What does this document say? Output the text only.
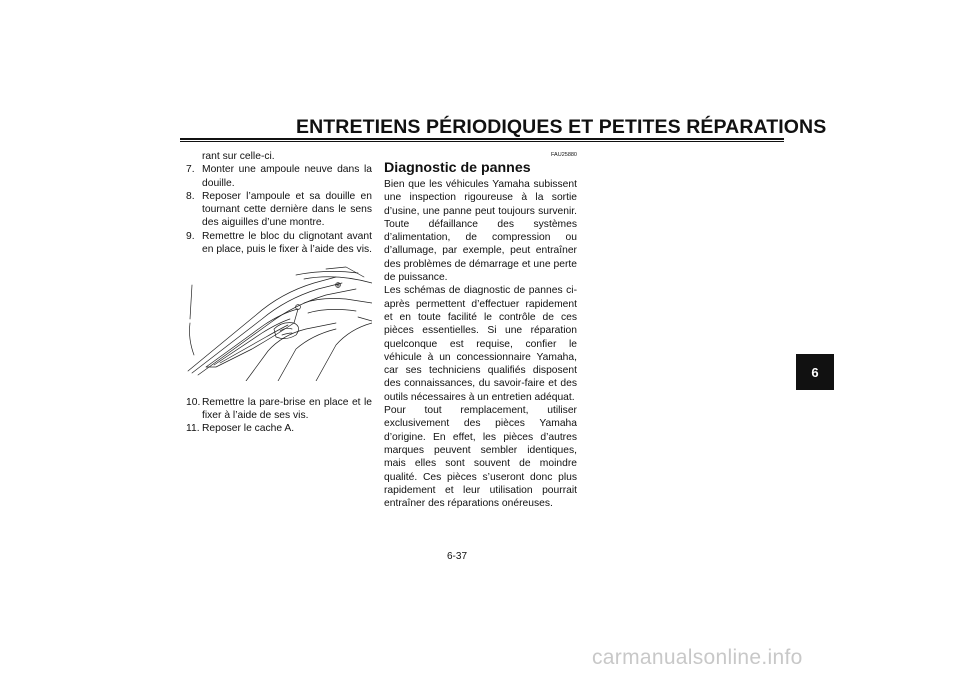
ENTRETIENS PÉRIODIQUES ET PETITES RÉPARATIONS
rant sur celle-ci.
7. Monter une ampoule neuve dans la douille.
8. Reposer l’ampoule et sa douille en tournant cette dernière dans le sens des aiguilles d’une montre.
9. Remettre le bloc du clignotant avant en place, puis le fixer à l’aide des vis.
10. Remettre la pare-brise en place et le fixer à l’aide de ses vis.
11. Reposer le cache A.
FAU25880
Diagnostic de pannes

Bien que les véhicules Yamaha subissent une inspection rigoureuse à la sortie d’usine, une panne peut toujours survenir. Toute défaillance des systèmes d’alimentation, de compression ou d’allumage, par exemple, peut entraîner des problèmes de démarrage et une perte de puissance.

Les schémas de diagnostic de pannes ci-après permettent d’effectuer rapidement et en toute facilité le contrôle de ces pièces essentielles. Si une réparation quelconque est requise, confier le véhicule à un concessionnaire Yamaha, car ses techniciens qualifiés disposent des connaissances, du savoir-faire et des outils nécessaires à un entretien adéquat.

Pour tout remplacement, utiliser exclusivement des pièces Yamaha d’origine. En effet, les pièces d’autres marques peuvent sembler identiques, mais elles sont souvent de moindre qualité. Ces pièces s’useront donc plus rapidement et leur utilisation pourrait entraîner des réparations onéreuses.

6
6-37
carmanualsonline.info
